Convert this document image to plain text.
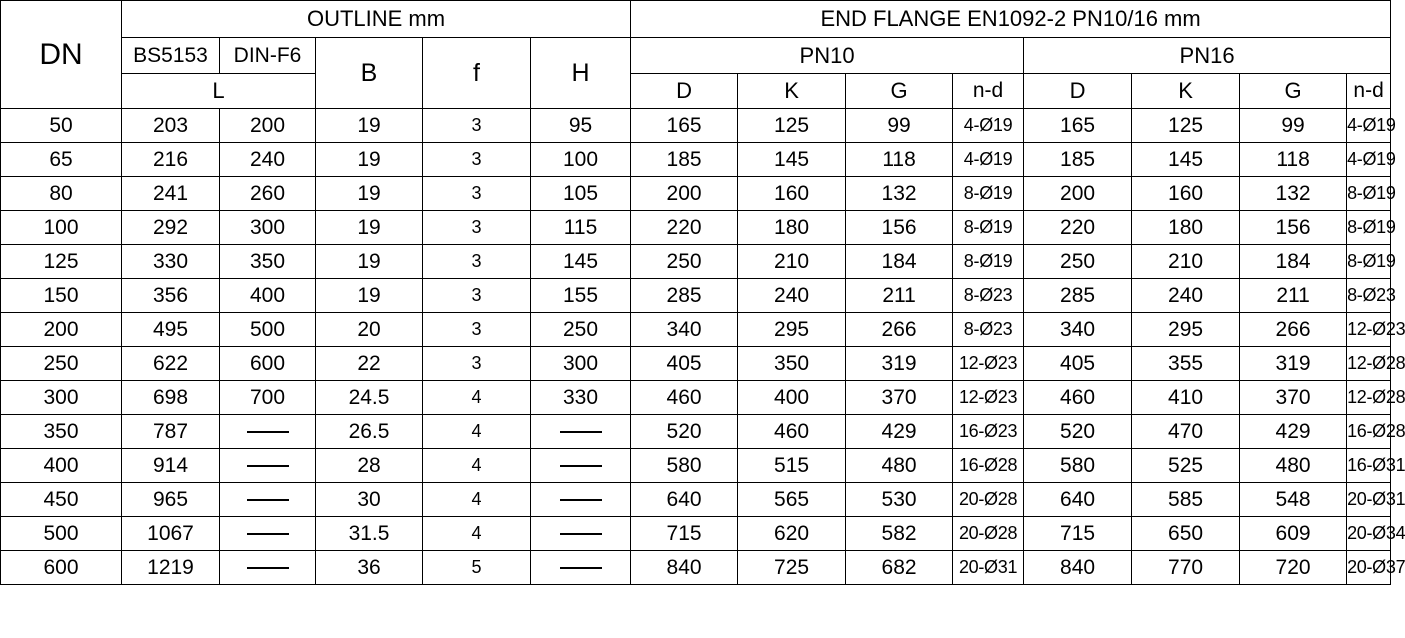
DN	OUTLINE mm					END FLANGE EN1092-2 PN10/16 mm							
	BS5153	DIN-F6	B	f	H	PN10				PN16			
	L					D	K	G	n-d	D	K	G	n-d
50	203	200	19	3	95	165	125	99	4-Ø19	165	125	99	4-Ø19
65	216	240	19	3	100	185	145	118	4-Ø19	185	145	118	4-Ø19
80	241	260	19	3	105	200	160	132	8-Ø19	200	160	132	8-Ø19
100	292	300	19	3	115	220	180	156	8-Ø19	220	180	156	8-Ø19
125	330	350	19	3	145	250	210	184	8-Ø19	250	210	184	8-Ø19
150	356	400	19	3	155	285	240	211	8-Ø23	285	240	211	8-Ø23
200	495	500	20	3	250	340	295	266	8-Ø23	340	295	266	12-Ø23
250	622	600	22	3	300	405	350	319	12-Ø23	405	355	319	12-Ø28
300	698	700	24.5	4	330	460	400	370	12-Ø23	460	410	370	12-Ø28
350	787		26.5	4		520	460	429	16-Ø23	520	470	429	16-Ø28
400	914		28	4		580	515	480	16-Ø28	580	525	480	16-Ø31
450	965		30	4		640	565	530	20-Ø28	640	585	548	20-Ø31
500	1067		31.5	4		715	620	582	20-Ø28	715	650	609	20-Ø34
600	1219		36	5		840	725	682	20-Ø31	840	770	720	20-Ø37
